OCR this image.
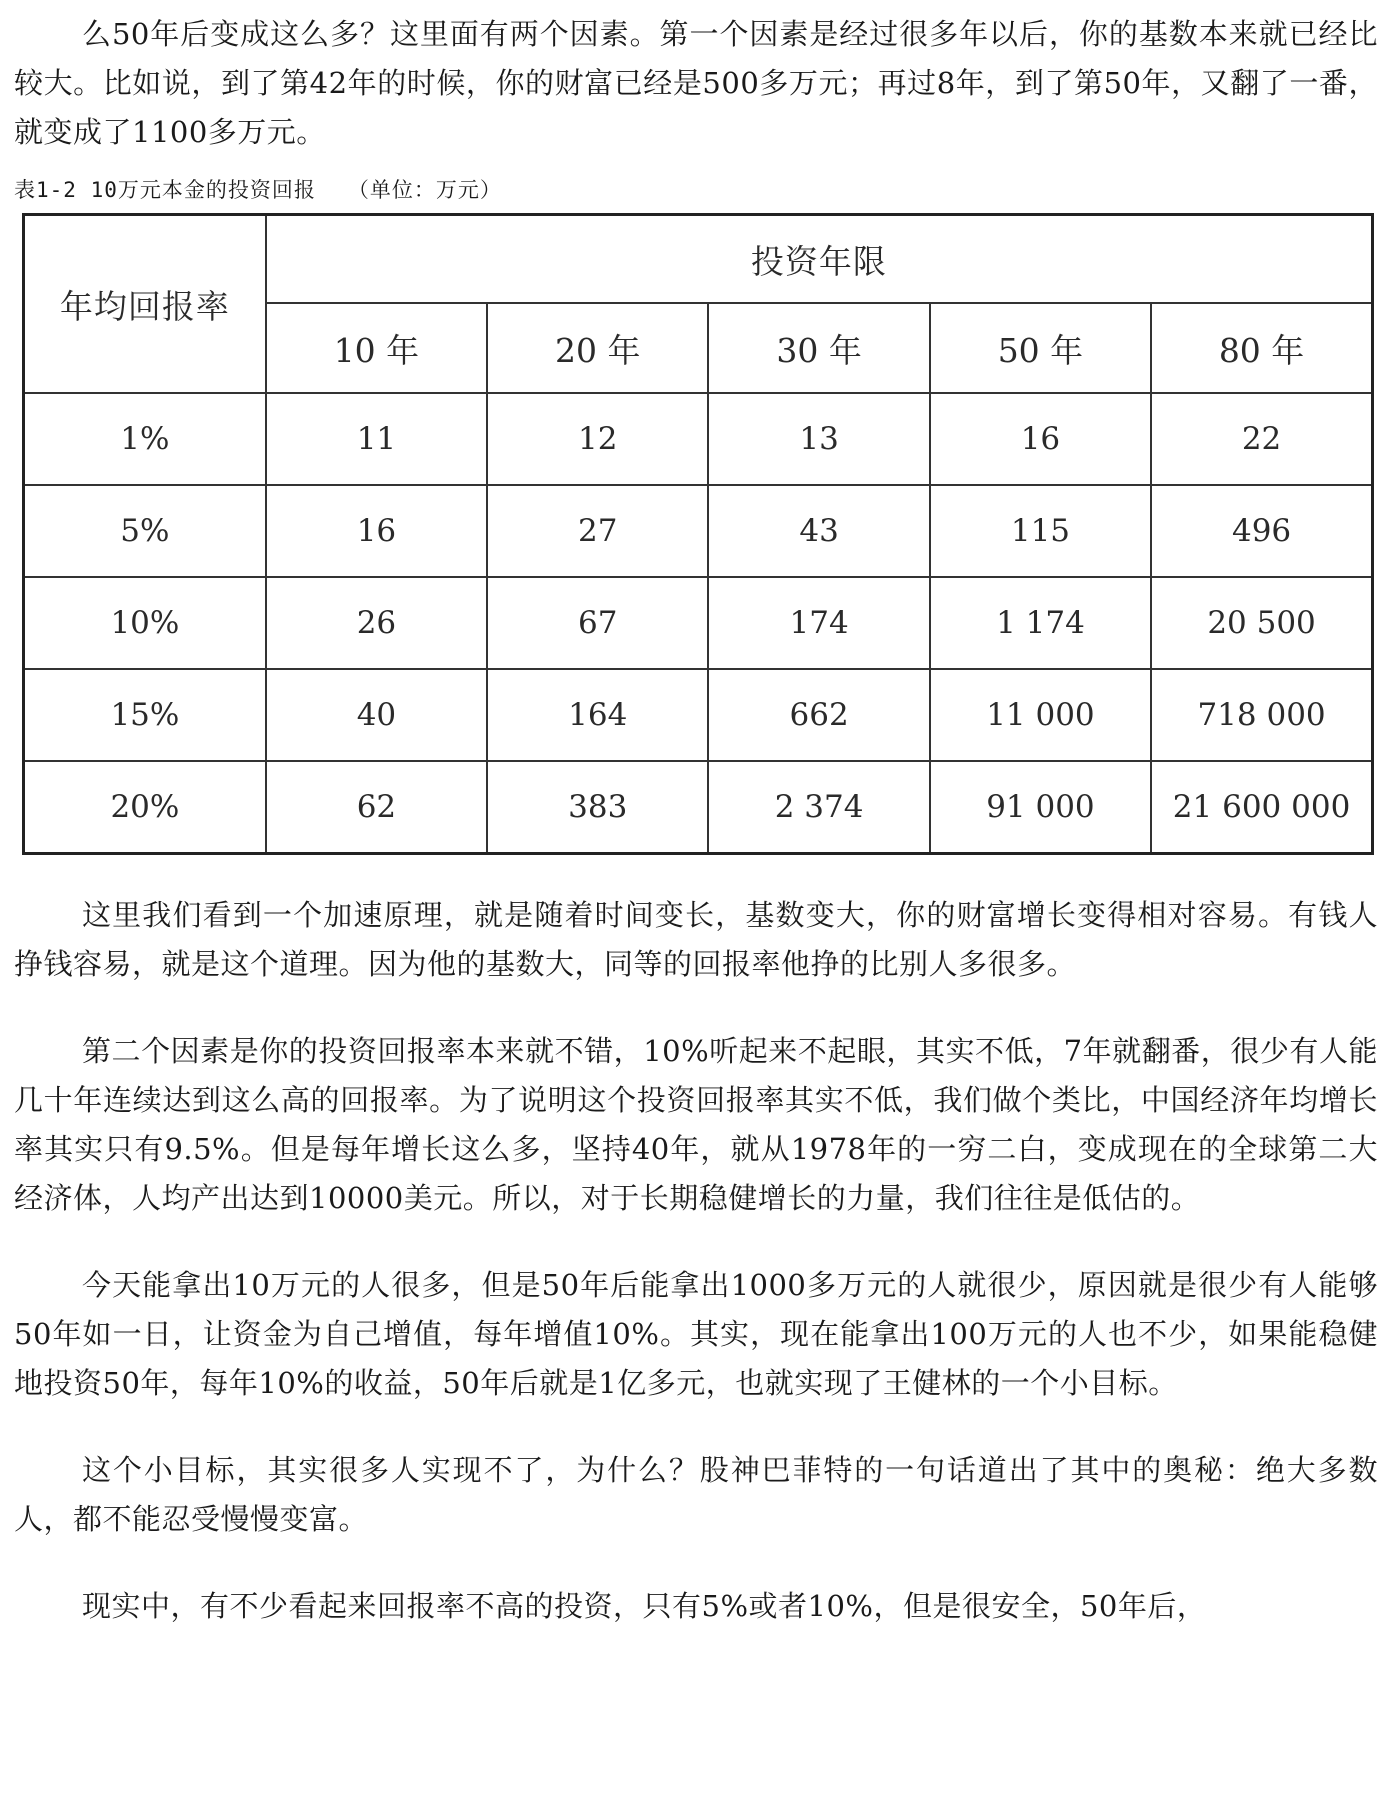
么50年后变成这么多？这里面有两个因素。第一个因素是经过很多年以后，你的基数本来就已经比较大。比如说，到了第42年的时候，你的财富已经是500多万元；再过8年，到了第50年，又翻了一番，就变成了1100多万元。

表1-2 10万元本金的投资回报 （单位：万元）
年均回报率	投资年限				
	10 年	20 年	30 年	50 年	80 年
1%	11	12	13	16	22
5%	16	27	43	115	496
10%	26	67	174	1 174	20 500
15%	40	164	662	11 000	718 000
20%	62	383	2 374	91 000	21 600 000

这里我们看到一个加速原理，就是随着时间变长，基数变大，你的财富增长变得相对容易。有钱人挣钱容易，就是这个道理。因为他的基数大，同等的回报率他挣的比别人多很多。

第二个因素是你的投资回报率本来就不错，10%听起来不起眼，其实不低，7年就翻番，很少有人能几十年连续达到这么高的回报率。为了说明这个投资回报率其实不低，我们做个类比，中国经济年均增长率其实只有9.5%。但是每年增长这么多，坚持40年，就从1978年的一穷二白，变成现在的全球第二大经济体，人均产出达到10000美元。所以，对于长期稳健增长的力量，我们往往是低估的。

今天能拿出10万元的人很多，但是50年后能拿出1000多万元的人就很少，原因就是很少有人能够50年如一日，让资金为自己增值，每年增值10%。其实，现在能拿出100万元的人也不少，如果能稳健地投资50年，每年10%的收益，50年后就是1亿多元，也就实现了王健林的一个小目标。

这个小目标，其实很多人实现不了，为什么？股神巴菲特的一句话道出了其中的奥秘：绝大多数人，都不能忍受慢慢变富。

现实中，有不少看起来回报率不高的投资，只有5%或者10%，但是很安全，50年后，
